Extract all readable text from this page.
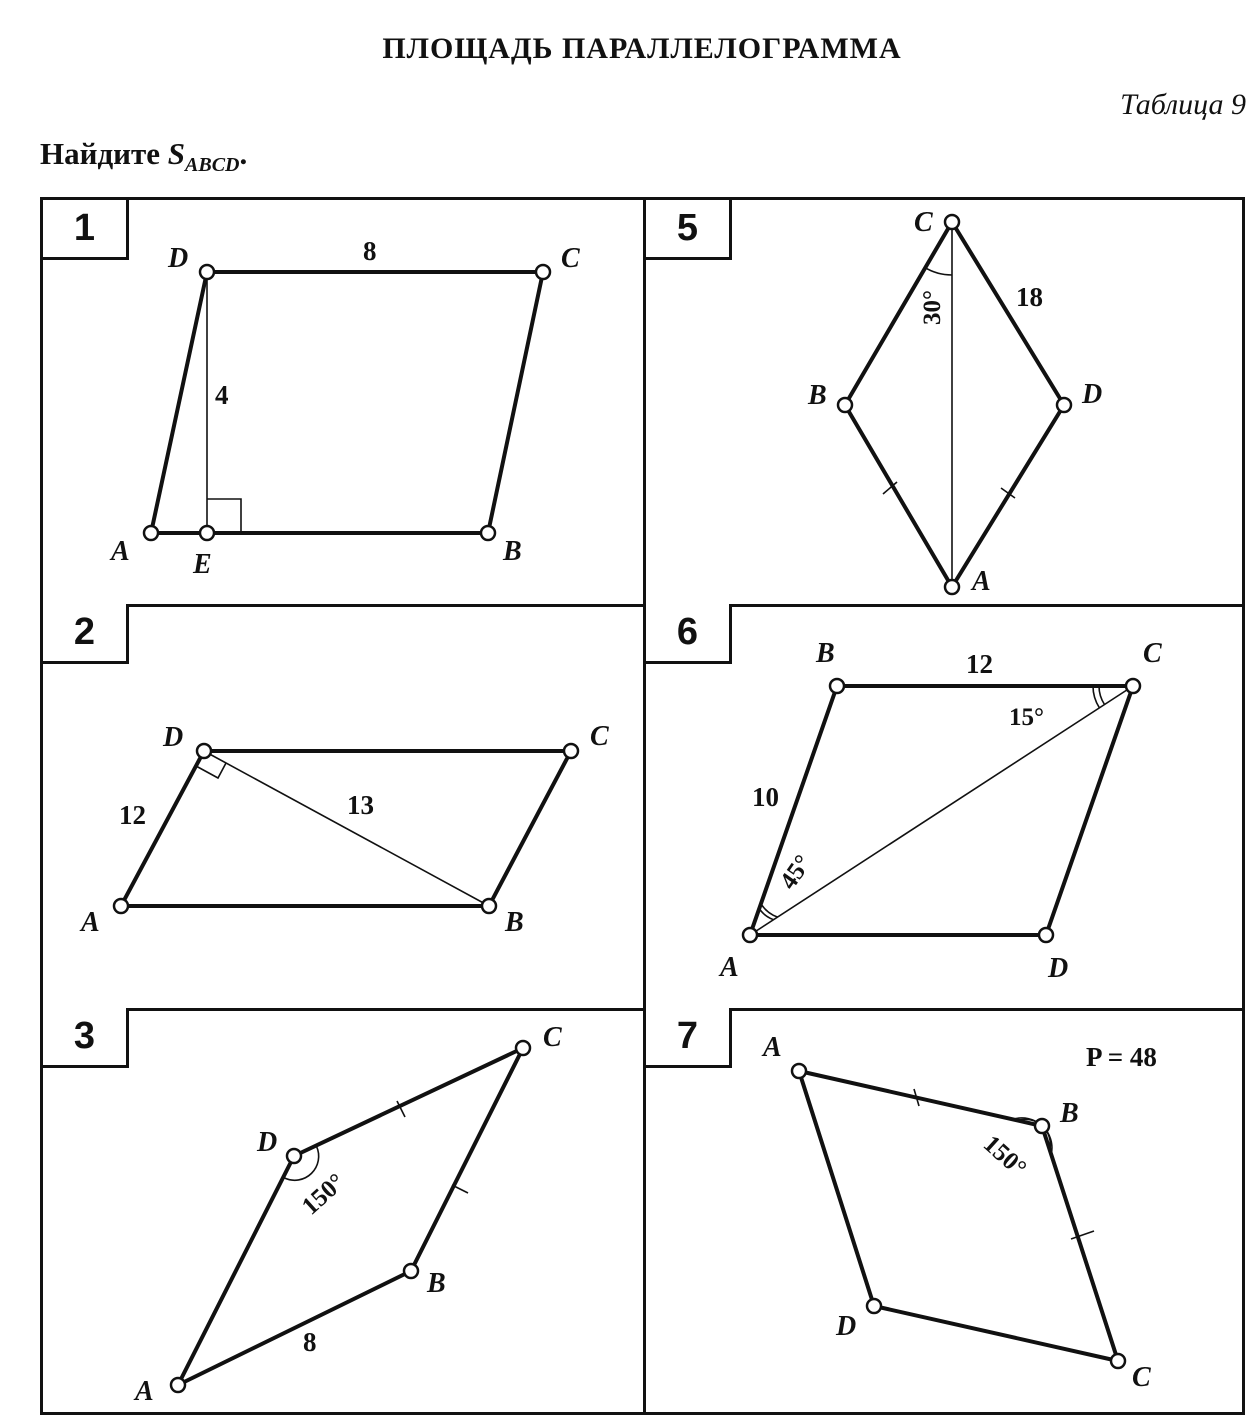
ПЛОЩАДЬ ПАРАЛЛЕЛОГРАММА
Таблица 9
Найдите $S_{ABCD}$.
1
A	B
C
D
E
8
4
2
A	B
C
D
12	13
3
A
B
C
D
8
150°
5
A
B
C
D
18
30°
6
A
B	C
D
12
10
15°
45°
7	A
B
C
D
150°
P = 48
